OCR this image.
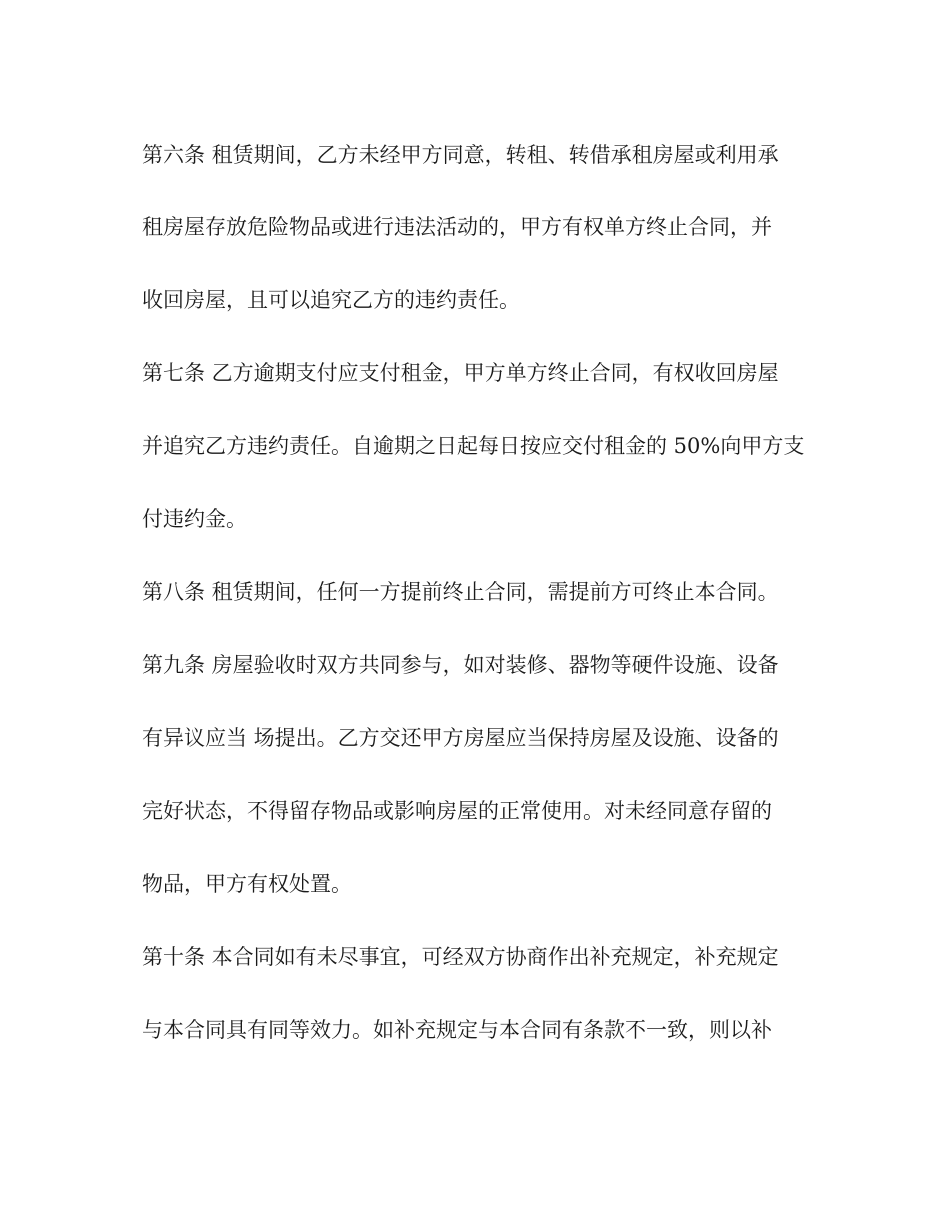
第六条 租赁期间，乙方未经甲方同意，转租、转借承租房屋或利用承
租房屋存放危险物品或进行违法活动的，甲方有权单方终止合同，并
收回房屋，且可以追究乙方的违约责任。
第七条 乙方逾期支付应支付租金，甲方单方终止合同，有权收回房屋
并追究乙方违约责任。自逾期之日起每日按应交付租金的 50%向甲方支
付违约金。
第八条 租赁期间，任何一方提前终止合同，需提前方可终止本合同。
第九条 房屋验收时双方共同参与，如对装修、器物等硬件设施、设备
有异议应当 场提出。乙方交还甲方房屋应当保持房屋及设施、设备的
完好状态，不得留存物品或影响房屋的正常使用。对未经同意存留的
物品，甲方有权处置。
第十条 本合同如有未尽事宜，可经双方协商作出补充规定，补充规定
与本合同具有同等效力。如补充规定与本合同有条款不一致，则以补
